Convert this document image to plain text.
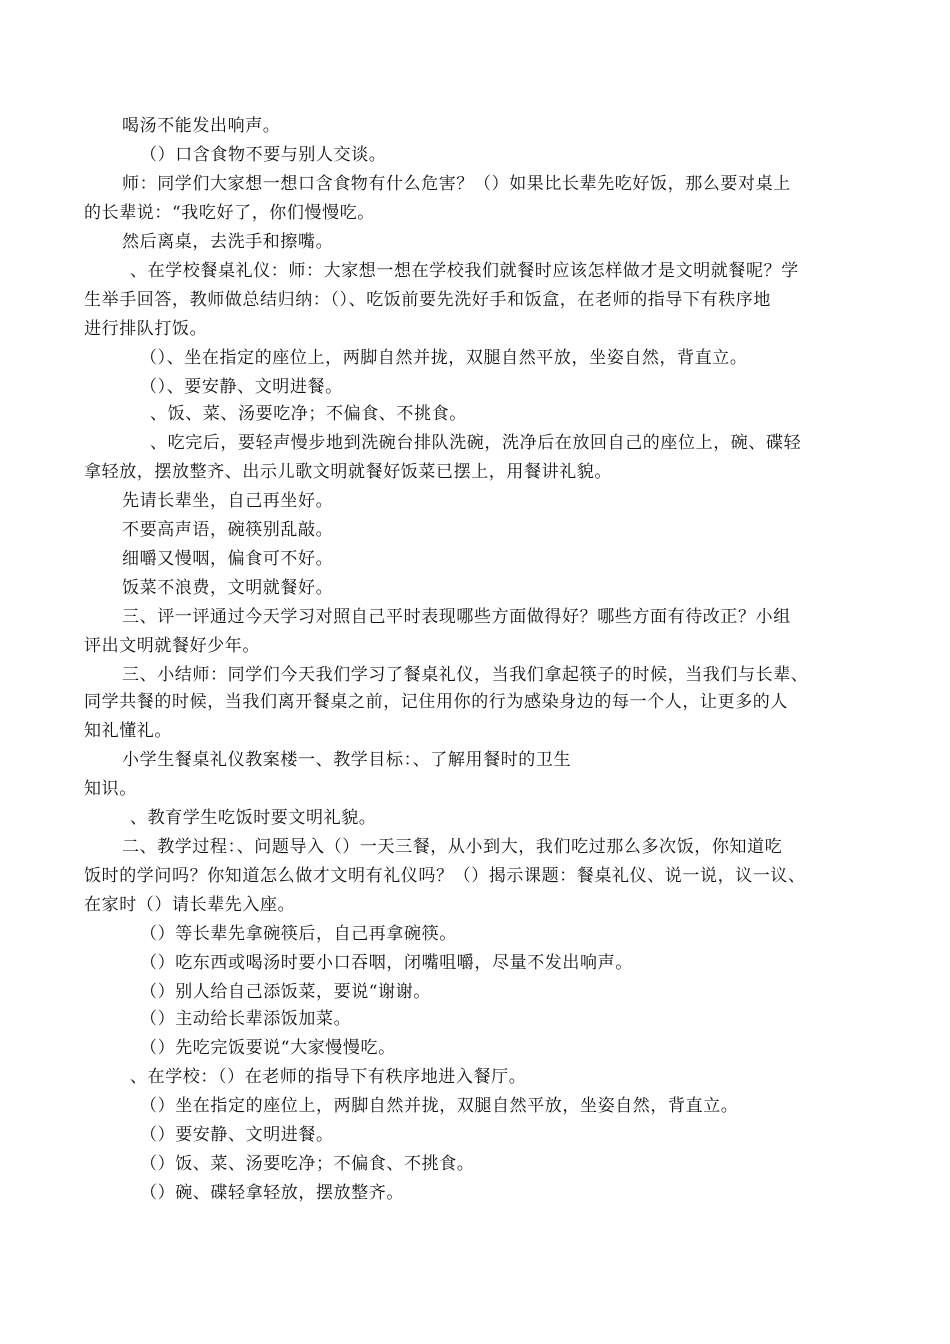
喝汤不能发出响声。
（）口含食物不要与别人交谈。
师：同学们大家想一想口含食物有什么危害？（）如果比长辈先吃好饭，那么要对桌上
的长辈说：“我吃好了，你们慢慢吃。
然后离桌，去洗手和擦嘴。
、在学校餐桌礼仪：师：大家想一想在学校我们就餐时应该怎样做才是文明就餐呢？学
生举手回答，教师做总结归纳：（）、吃饭前要先洗好手和饭盒，在老师的指导下有秩序地
进行排队打饭。
（）、坐在指定的座位上，两脚自然并拢，双腿自然平放，坐姿自然，背直立。
（）、要安静、文明进餐。
、饭、菜、汤要吃净；不偏食、不挑食。
、吃完后，要轻声慢步地到洗碗台排队洗碗，洗净后在放回自己的座位上，碗、碟轻
拿轻放，摆放整齐、出示儿歌文明就餐好饭菜已摆上，用餐讲礼貌。
先请长辈坐，自己再坐好。
不要高声语，碗筷别乱敲。
细嚼又慢咽，偏食可不好。
饭菜不浪费，文明就餐好。
三、评一评通过今天学习对照自己平时表现哪些方面做得好？哪些方面有待改正？小组
评出文明就餐好少年。
三、小结师：同学们今天我们学习了餐桌礼仪，当我们拿起筷子的时候，当我们与长辈、
同学共餐的时候，当我们离开餐桌之前，记住用你的行为感染身边的每一个人，让更多的人
知礼懂礼。
小学生餐桌礼仪教案楼一、教学目标：、了解用餐时的卫生
知识。
、教育学生吃饭时要文明礼貌。
二、教学过程：、问题导入（）一天三餐，从小到大，我们吃过那么多次饭，你知道吃
饭时的学问吗？你知道怎么做才文明有礼仪吗？（）揭示课题：餐桌礼仪、说一说，议一议、
在家时（）请长辈先入座。
（）等长辈先拿碗筷后，自己再拿碗筷。
（）吃东西或喝汤时要小口吞咽，闭嘴咀嚼，尽量不发出响声。
（）别人给自己添饭菜，要说“谢谢。
（）主动给长辈添饭加菜。
（）先吃完饭要说“大家慢慢吃。
、在学校：（）在老师的指导下有秩序地进入餐厅。
（）坐在指定的座位上，两脚自然并拢，双腿自然平放，坐姿自然，背直立。
（）要安静、文明进餐。
（）饭、菜、汤要吃净；不偏食、不挑食。
（）碗、碟轻拿轻放，摆放整齐。
